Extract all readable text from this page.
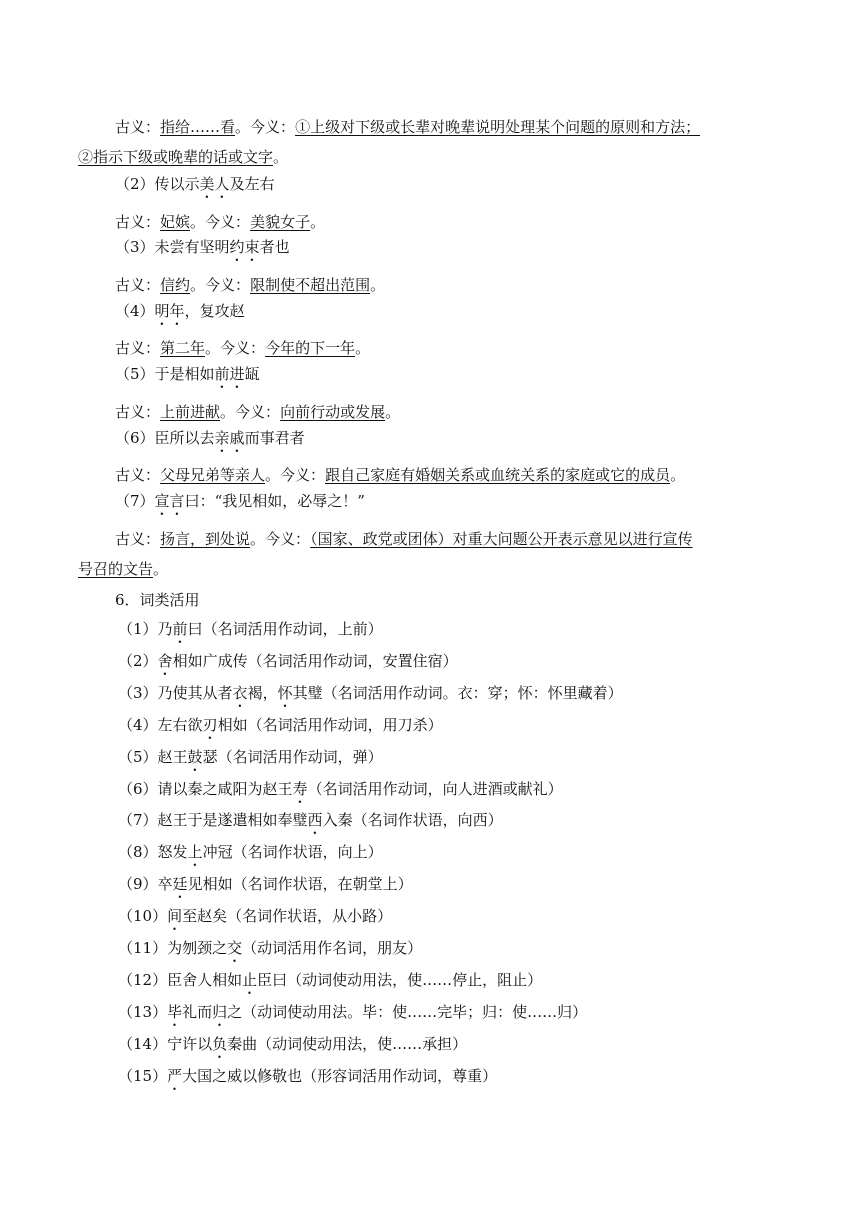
古义：指给……看。今义：①上级对下级或长辈对晚辈说明处理某个问题的原则和方法；
②指示下级或晚辈的话或文字。
（2）传以示美人及左右
古义：妃嫔。今义：美貌女子。
（3）未尝有坚明约束者也
古义：信约。今义：限制使不超出范围。
（4）明年，复攻赵
古义：第二年。今义：今年的下一年。
（5）于是相如前进缻
古义：上前进献。今义：向前行动或发展。
（6）臣所以去亲戚而事君者
古义：父母兄弟等亲人。今义：跟自己家庭有婚姻关系或血统关系的家庭或它的成员。
（7）宣言曰：“我见相如，必辱之！”
古义：扬言，到处说。今义：（国家、政党或团体）对重大问题公开表示意见以进行宣传
号召的文告。
6．词类活用
（1）乃前曰（名词活用作动词，上前）
（2）舍相如广成传（名词活用作动词，安置住宿）
（3）乃使其从者衣褐，怀其璧（名词活用作动词。衣：穿；怀：怀里藏着）
（4）左右欲刃相如（名词活用作动词，用刀杀）
（5）赵王鼓瑟（名词活用作动词，弹）
（6）请以秦之咸阳为赵王寿（名词活用作动词，向人进酒或献礼）
（7）赵王于是遂遣相如奉璧西入秦（名词作状语，向西）
（8）怒发上冲冠（名词作状语，向上）
（9）卒廷见相如（名词作状语，在朝堂上）
（10）间至赵矣（名词作状语，从小路）
（11）为刎颈之交（动词活用作名词，朋友）
（12）臣舍人相如止臣曰（动词使动用法，使……停止，阻止）
（13）毕礼而归之（动词使动用法。毕：使……完毕；归：使……归）
（14）宁许以负秦曲（动词使动用法，使……承担）
（15）严大国之威以修敬也（形容词活用作动词，尊重）
